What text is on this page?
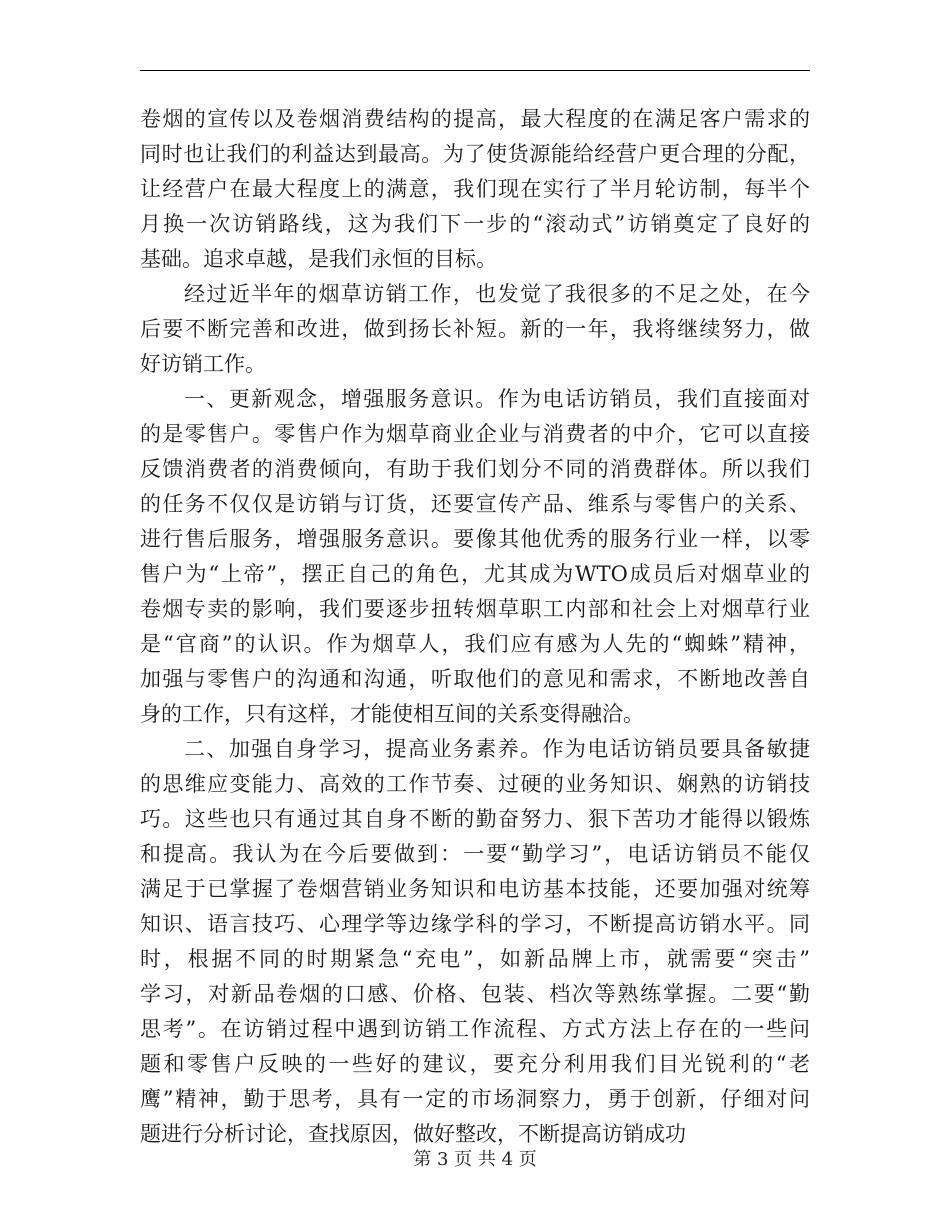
卷烟的宣传以及卷烟消费结构的提高，最大程度的在满足客户需求的
同时也让我们的利益达到最高。为了使货源能给经营户更合理的分配，
让经营户在最大程度上的满意，我们现在实行了半月轮访制，每半个
月换一次访销路线，这为我们下一步的“滚动式”访销奠定了良好的
基础。追求卓越，是我们永恒的目标。
经过近半年的烟草访销工作，也发觉了我很多的不足之处，在今
后要不断完善和改进，做到扬长补短。新的一年，我将继续努力，做
好访销工作。
一、更新观念，增强服务意识。作为电话访销员，我们直接面对
的是零售户。零售户作为烟草商业企业与消费者的中介，它可以直接
反馈消费者的消费倾向，有助于我们划分不同的消费群体。所以我们
的任务不仅仅是访销与订货，还要宣传产品、维系与零售户的关系、
进行售后服务，增强服务意识。要像其他优秀的服务行业一样，以零
售户为“上帝”，摆正自己的角色，尤其成为WTO成员后对烟草业的
卷烟专卖的影响，我们要逐步扭转烟草职工内部和社会上对烟草行业
是“官商”的认识。作为烟草人，我们应有感为人先的“蜘蛛”精神，
加强与零售户的沟通和沟通，听取他们的意见和需求，不断地改善自
身的工作，只有这样，才能使相互间的关系变得融洽。
二、加强自身学习，提高业务素养。作为电话访销员要具备敏捷
的思维应变能力、高效的工作节奏、过硬的业务知识、娴熟的访销技
巧。这些也只有通过其自身不断的勤奋努力、狠下苦功才能得以锻炼
和提高。我认为在今后要做到：一要“勤学习”，电话访销员不能仅
满足于已掌握了卷烟营销业务知识和电访基本技能，还要加强对统筹
知识、语言技巧、心理学等边缘学科的学习，不断提高访销水平。同
时，根据不同的时期紧急“充电”，如新品牌上市，就需要“突击”
学习，对新品卷烟的口感、价格、包装、档次等熟练掌握。二要“勤
思考”。在访销过程中遇到访销工作流程、方式方法上存在的一些问
题和零售户反映的一些好的建议，要充分利用我们目光锐利的“老
鹰”精神，勤于思考，具有一定的市场洞察力，勇于创新，仔细对问
题进行分析讨论，查找原因，做好整改，不断提高访销成功
第 3 页 共 4 页
